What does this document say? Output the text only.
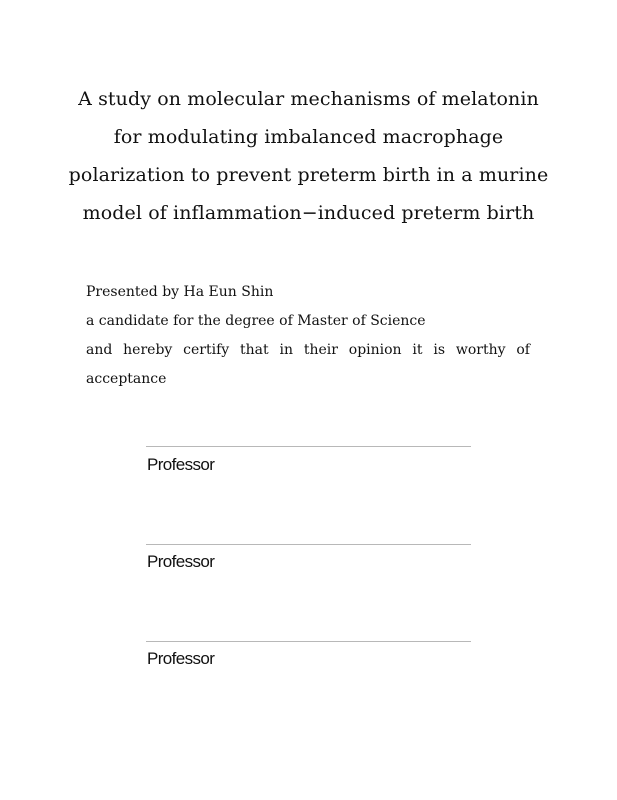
A study on molecular mechanisms of melatonin
for modulating imbalanced macrophage
polarization to prevent preterm birth in a murine
model of inflammation−induced preterm birth
Presented by Ha Eun Shin
a candidate for the degree of Master of Science
and hereby certify that in their opinion it is worthy of
acceptance
Professor
Professor
Professor
